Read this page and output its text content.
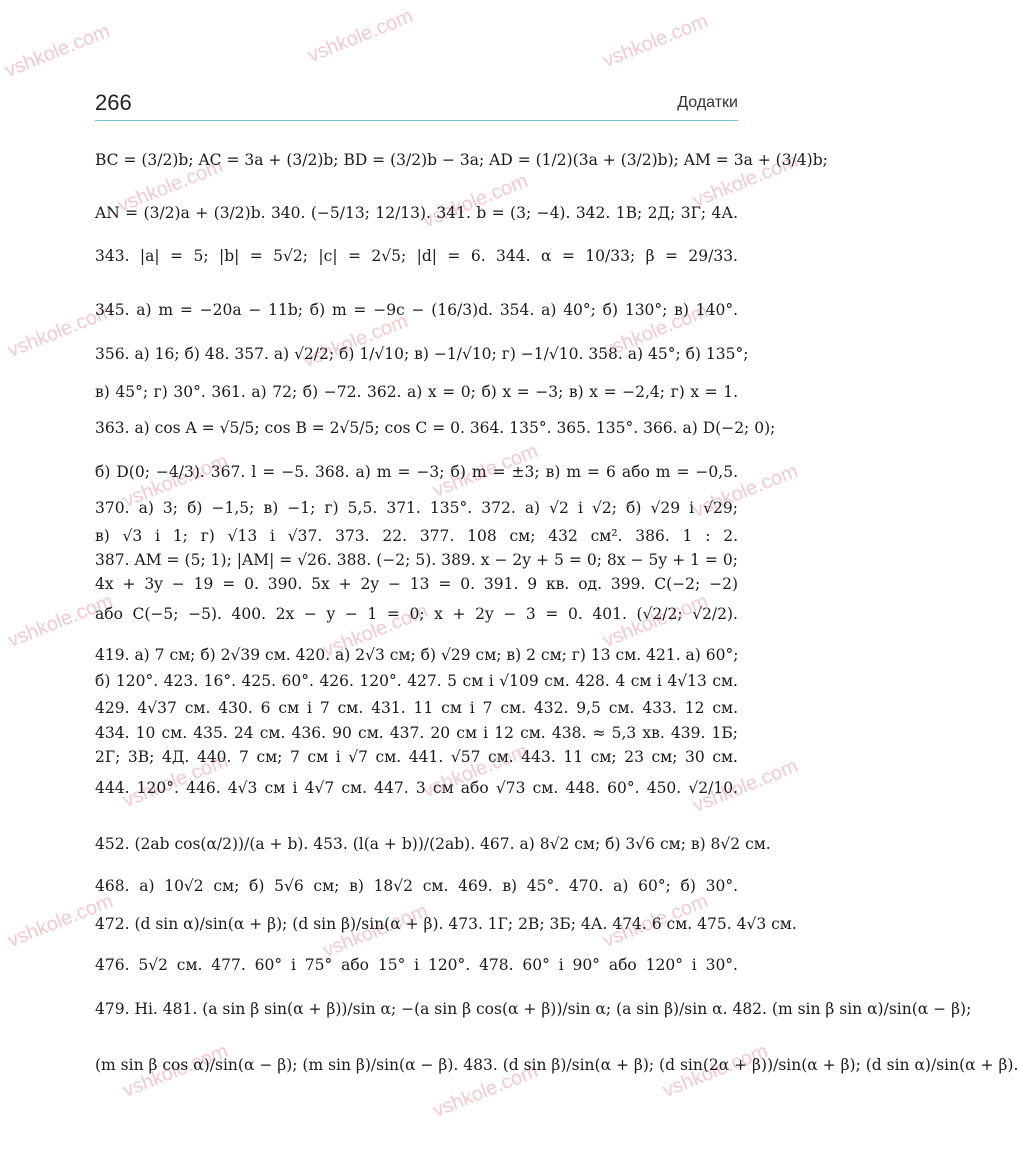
vshkole.com	vshkole.com	vshkole.com
vshkole.com	vshkole.com	vshkole.com
vshkole.com	vshkole.com	vshkole.com
vshkole.com	vshkole.com	vshkole.com
vshkole.com	vshkole.com	vshkole.com
vshkole.com	vshkole.com	vshkole.com
vshkole.com	vshkole.com	vshkole.com
vshkole.com	vshkole.com	vshkole.com
266	Додатки
BC = (3/2)b; AC = 3a + (3/2)b; BD = (3/2)b − 3a; AD = (1/2)(3a + (3/2)b); AM = 3a + (3/4)b;
AN = (3/2)a + (3/2)b. 340. (−5/13; 12/13). 341. b = (3; −4). 342. 1В; 2Д; 3Г; 4А.
343. |a| = 5; |b| = 5√2; |c| = 2√5; |d| = 6. 344. α = 10/33; β = 29/33.
345. а) m = −20a − 11b; б) m = −9c − (16/3)d. 354. а) 40°; б) 130°; в) 140°.
356. а) 16; б) 48. 357. а) √2/2; б) 1/√10; в) −1/√10; г) −1/√10. 358. а) 45°; б) 135°;
в) 45°; г) 30°. 361. а) 72; б) −72. 362. а) x = 0; б) x = −3; в) x = −2,4; г) x = 1.
363. а) cos A = √5/5; cos B = 2√5/5; cos C = 0. 364. 135°. 365. 135°. 366. а) D(−2; 0);
б) D(0; −4/3). 367. l = −5. 368. а) m = −3; б) m = ±3; в) m = 6 або m = −0,5.
370. а) 3; б) −1,5; в) −1; г) 5,5. 371. 135°. 372. а) √2 і √2; б) √29 і √29;
в) √3 і 1; г) √13 і √37. 373. 22. 377. 108 см; 432 см². 386. 1 : 2.
387. AM = (5; 1); |AM| = √26. 388. (−2; 5). 389. x − 2y + 5 = 0; 8x − 5y + 1 = 0;
4x + 3y − 19 = 0. 390. 5x + 2y − 13 = 0. 391. 9 кв. од. 399. C(−2; −2)
або C(−5; −5). 400. 2x − y − 1 = 0; x + 2y − 3 = 0. 401. (√2/2; √2/2).
419. а) 7 см; б) 2√39 см. 420. а) 2√3 см; б) √29 см; в) 2 см; г) 13 см. 421. а) 60°;
б) 120°. 423. 16°. 425. 60°. 426. 120°. 427. 5 см і √109 см. 428. 4 см і 4√13 см.
429. 4√37 см. 430. 6 см і 7 см. 431. 11 см і 7 см. 432. 9,5 см. 433. 12 см.
434. 10 см. 435. 24 см. 436. 90 см. 437. 20 см і 12 см. 438. ≈ 5,3 хв. 439. 1Б;
2Г; 3В; 4Д. 440. 7 см; 7 см і √7 см. 441. √57 см. 443. 11 см; 23 см; 30 см.
444. 120°. 446. 4√3 см і 4√7 см. 447. 3 см або √73 см. 448. 60°. 450. √2/10.
452. (2ab cos(α/2))/(a + b). 453. (l(a + b))/(2ab). 467. а) 8√2 см; б) 3√6 см; в) 8√2 см.
468. а) 10√2 см; б) 5√6 см; в) 18√2 см. 469. в) 45°. 470. а) 60°; б) 30°.
472. (d sin α)/sin(α + β); (d sin β)/sin(α + β). 473. 1Г; 2В; 3Б; 4А. 474. 6 см. 475. 4√3 см.
476. 5√2 см. 477. 60° і 75° або 15° і 120°. 478. 60° і 90° або 120° і 30°.
479. Ні. 481. (a sin β sin(α + β))/sin α; −(a sin β cos(α + β))/sin α; (a sin β)/sin α. 482. (m sin β sin α)/sin(α − β);
(m sin β cos α)/sin(α − β); (m sin β)/sin(α − β). 483. (d sin β)/sin(α + β); (d sin(2α + β))/sin(α + β); (d sin α)/sin(α + β).
